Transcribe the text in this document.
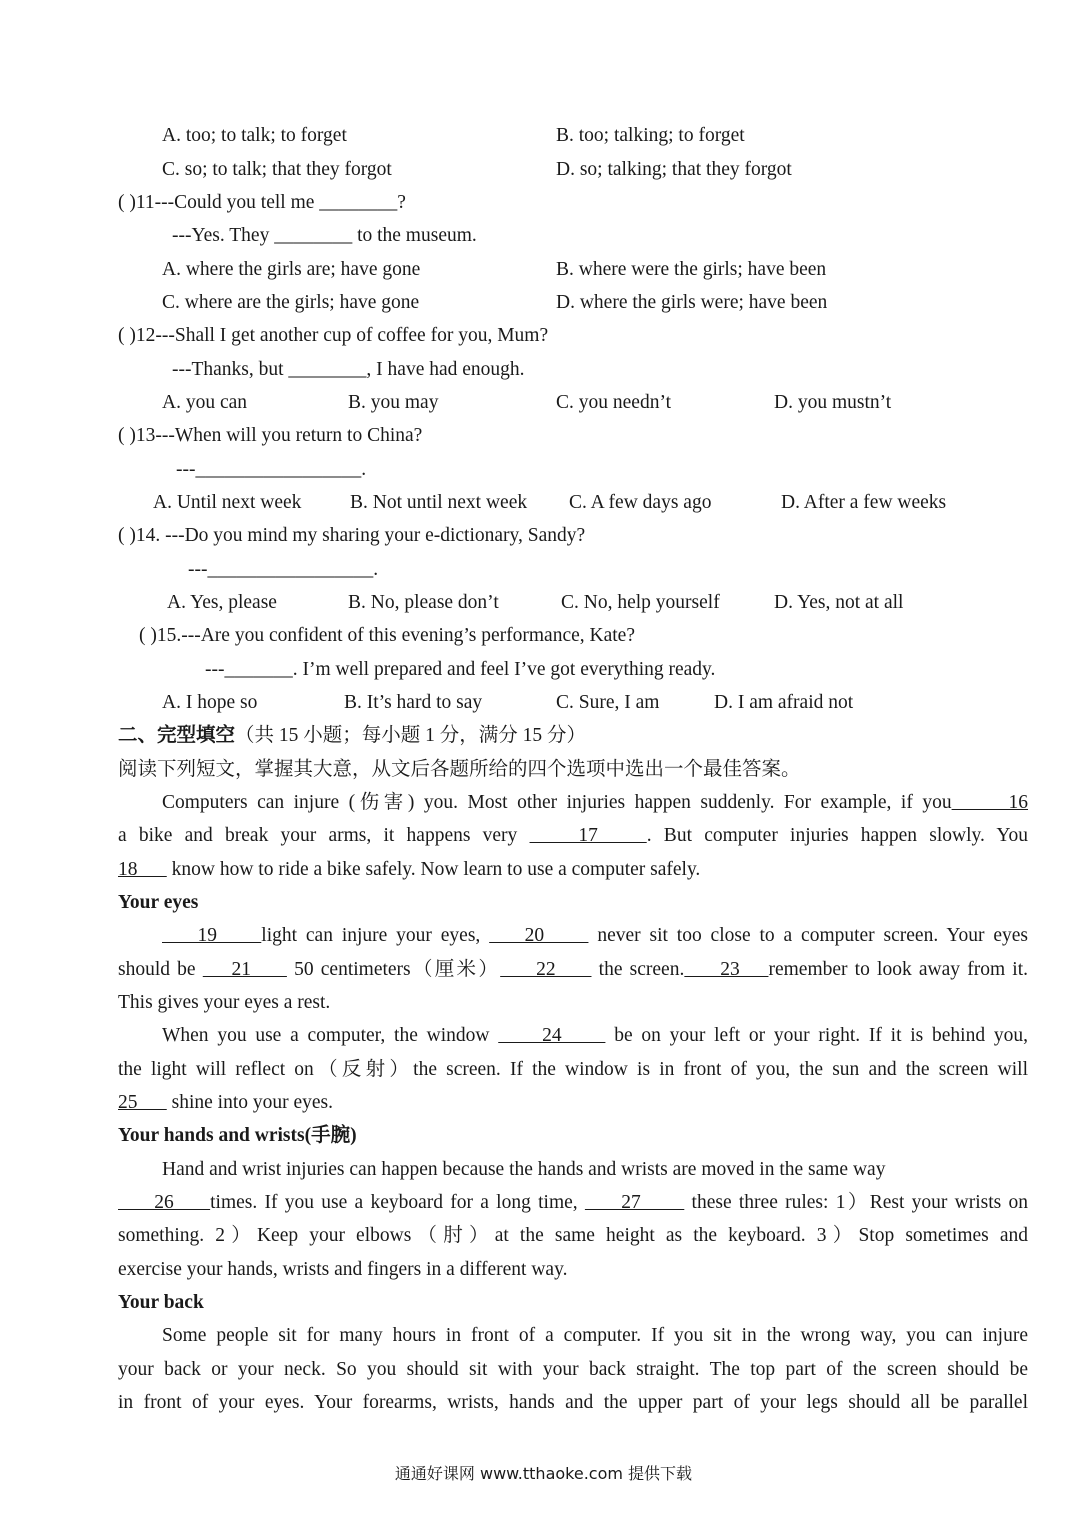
A. too; to talk; to forget	B. too; talking; to forget
C. so; to talk; that they forgot	D. so; talking; that they forgot
( )11---Could you tell me ________?
---Yes. They ________ to the museum.
A. where the girls are; have gone	B. where were the girls; have been
C. where are the girls; have gone	D. where the girls were; have been
( )12---Shall I get another cup of coffee for you, Mum?
---Thanks, but ________, I have had enough.
A. you can	B. you may	C. you needn’t	D. you mustn’t
( )13---When will you return to China?
---_________________.
A. Until next week B. Not until next week C. A few days ago	D. After a few weeks
( )14. ---Do you mind my sharing your e-dictionary, Sandy?
---_________________.
A. Yes, please	B. No, please don’t	C. No, help yourself	D. Yes, not at all
( )15.---Are you confident of this evening’s performance, Kate?
---_______. I’m well prepared and feel I’ve got everything ready.
A. I hope so	B. It’s hard to say	C. Sure, I am	D. I am afraid not
二、完型填空（共 15 小题；每小题 1 分，满分 15 分）
阅读下列短文，掌握其大意，从文后各题所给的四个选项中选出一个最佳答案。
Computers can injure (伤害) you. Most other injuries happen suddenly. For example, if you      16
a bike and break your arms, it happens very     17    . But computer injuries happen slowly. You
18       know how to ride a bike safely. Now learn to use a computer safely.
Your eyes
19     light can injure your eyes,     20      never sit too close to a computer screen. Your eyes
should be     21      50 centimeters（厘米）     22      the screen.     23    remember to look away from it.
This gives your eyes a rest.
When you use a computer, the window      24      be on your left or your right. If it is behind you,
the light will reflect on（反射）the screen. If the window is in front of you, the sun and the screen will
25       shine into your eyes.
Your hands and wrists(手腕)
Hand and wrist injuries can happen because the hands and wrists are moved in the same way
26     times. If you use a keyboard for a long time,      27       these three rules: 1）Rest your wrists on
something. 2）Keep your elbows（肘）at the same height as the keyboard. 3）Stop sometimes and
exercise your hands, wrists and fingers in a different way.
Your back
Some people sit for many hours in front of a computer. If you sit in the wrong way, you can injure
your back or your neck. So you should sit with your back straight. The top part of the screen should be
in front of your eyes. Your forearms, wrists, hands and the upper part of your legs should all be parallel
通通好课网 www.tthaoke.com 提供下载
